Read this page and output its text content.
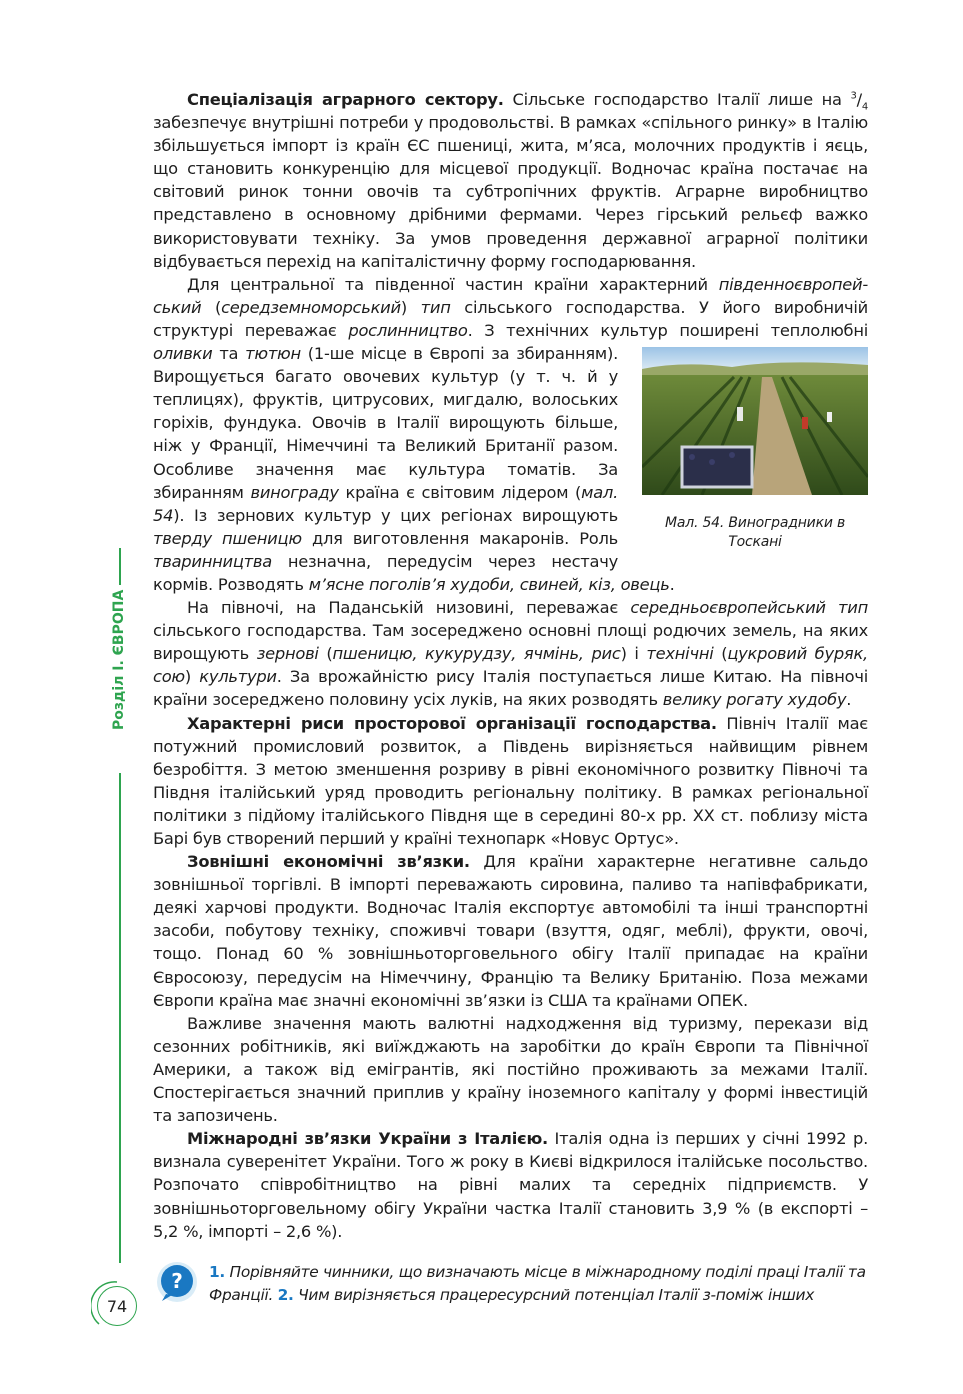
Розділ І. ЄВРОПА

Спеціалізація аграрного сектору. Сільське господарство Італії лише на $^3/_4$ забезпечує внутрішні потреби у продовольстві. В рамках «спільного ринку» в Італію збільшується імпорт із країн ЄС пшениці, жита, м’яса, молочних продуктів і яєць, що становить конкуренцію для місцевої продукції. Водночас країна постачає на світовий ринок тонни овочів та субтропічних фруктів. Аграрне виробництво представлено в основному дрібними фермами. Через гірський рельєф важко використовувати техніку. За умов проведення державної аграрної політики відбувається перехід на капіталістичну форму господарювання.

Для центральної та південної частин країни характерний південноєвропей-ський (середземноморський) тип сільського господарства. У його виробничій структурі переважає рослинництво. З технічних культур поширені теплолюбні оливки та тютюн
Мал. 54. Виноградники в Тоскані
(1-ше місце в Європі за збиранням). Вирощується багато овочевих культур (у т. ч. й у теплицях), фруктів, цитрусових, мигдалю, волоських горіхів, фундука. Овочів в Італії вирощують більше, ніж у Франції, Німеччині та Великий Британії разом. Особливе значення має культура томатів. За збиранням винограду країна є світовим лідером (мал. 54). Із зернових культур у цих регіонах вирощують тверду пшеницю для виготовлення макаронів. Роль тваринництва незначна, передусім через нестачу кормів. Розводять м’ясне поголів’я худоби, свиней, кіз, овець.

На півночі, на Паданській низовині, переважає середньоєвропейський тип сільського господарства. Там зосереджено основні площі родючих земель, на яких вирощують зернові (пшеницю, кукурудзу, ячмінь, рис) і технічні (цукровий буряк, сою) культури. За врожайністю рису Італія поступається лише Китаю. На півночі країни зосереджено половину усіх луків, на яких розводять велику рогату худобу.

Характерні риси просторової організації господарства. Північ Італії має потужний промисловий розвиток, а Південь вирізняється найвищим рівнем безробіття. З метою зменшення розриву в рівні економічного розвитку Півночі та Півдня італійський уряд проводить регіональну політику. В рамках регіональної політики з підйому італійського Півдня ще в середині 80-х рр. XX ст. поблизу міста Барі був створений перший у країні технопарк «Новус Ортус».

Зовнішні економічні зв’язки. Для країни характерне негативне сальдо зовнішньої торгівлі. В імпорті переважають сировина, паливо та напівфабрикати, деякі харчові продукти. Водночас Італія експортує автомобілі та інші транспортні засоби, побутову техніку, споживчі товари (взуття, одяг, меблі), фрукти, овочі, тощо. Понад 60 % зовнішньоторговельного обігу Італії припадає на країни Євросоюзу, передусім на Німеччину, Францію та Велику Британію. Поза межами Європи країна має значні економічні зв’язки із США та країнами ОПЕК.

Важливе значення мають валютні надходження від туризму, перекази від сезонних робітників, які виїжджають на заробітки до країн Європи та Північної Америки, а також від емігрантів, які постійно проживають за межами Італії. Спостерігається значний приплив у країну іноземного капіталу у формі інвестицій та запозичень.

Міжнародні зв’язки України з Італією. Італія одна із перших у січні 1992 р. визнала суверенітет України. Того ж року в Києві відкрилося італійське посольство. Розпочато співробітництво на рівні малих та середніх підприємств. У зовнішньоторговельному обігу України частка Італії становить 3,9 % (в експорті – 5,2 %, імпорті – 2,6 %).

? 1. Порівняйте чинники, що визначають місце в міжнародному поділі праці Італії та Франції. 2. Чим вирізняється працересурсний потенціал Італії з-поміж інших
74
